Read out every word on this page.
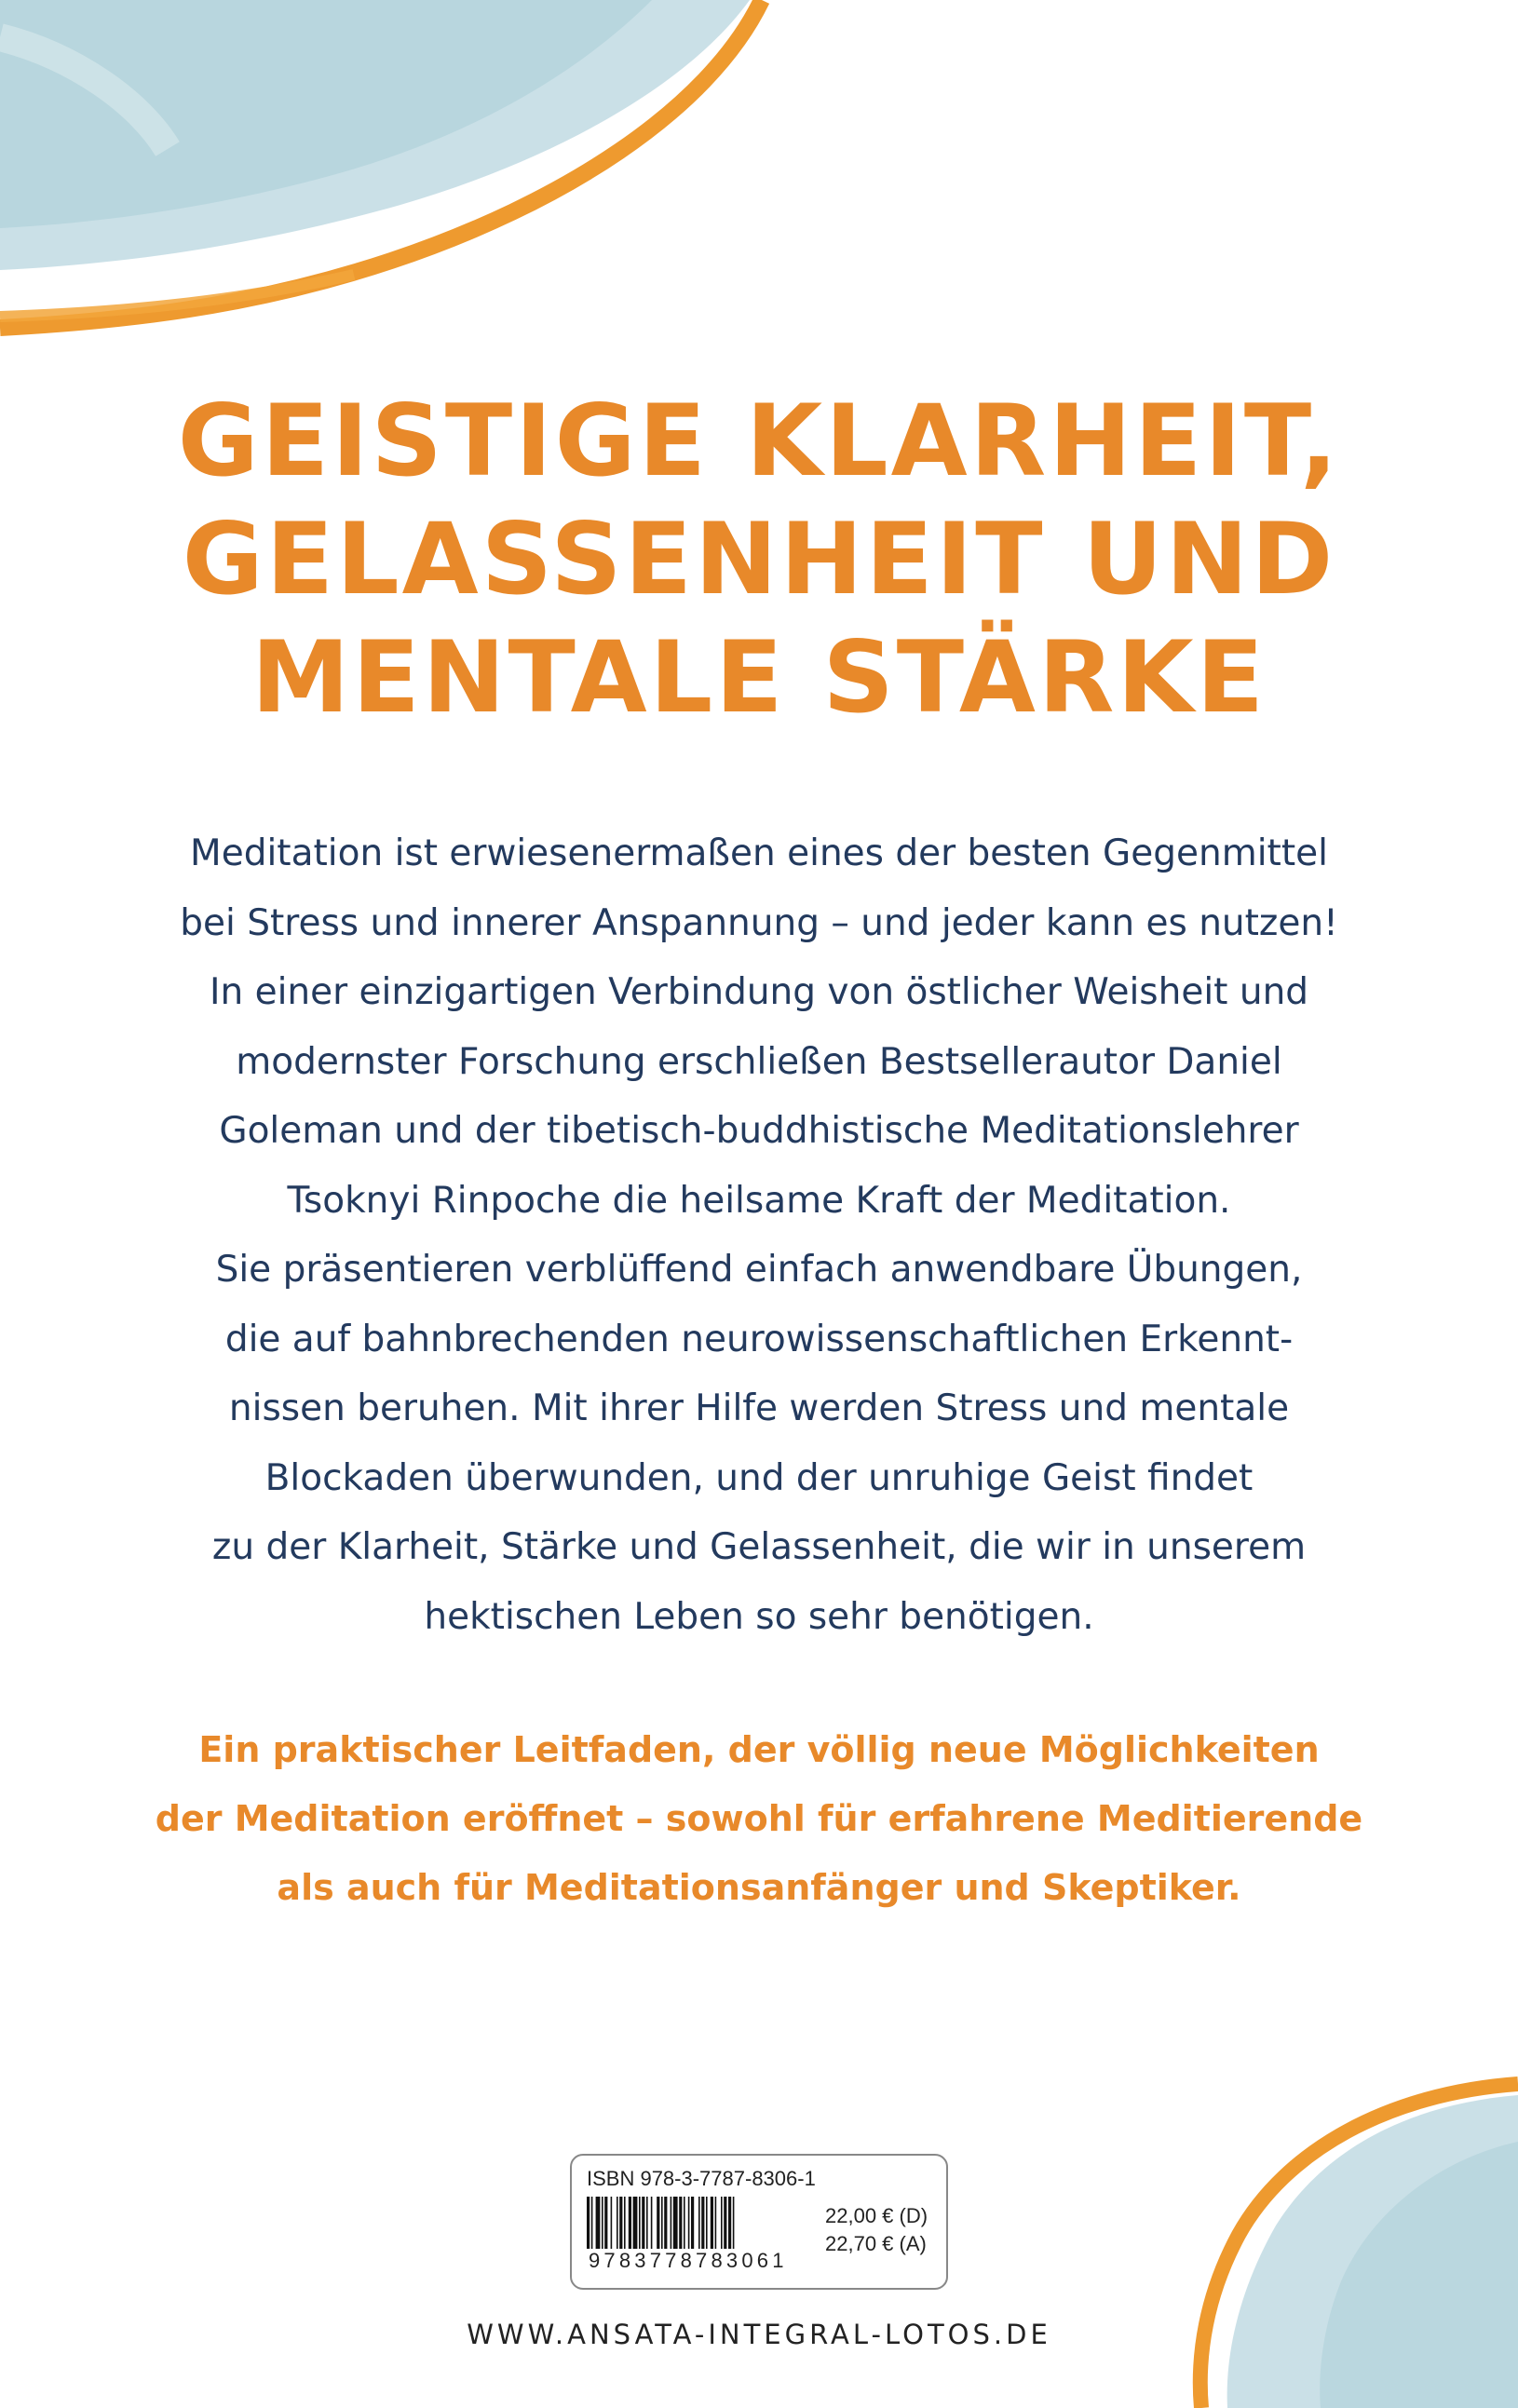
GEISTIGE KLARHEIT,
GELASSENHEIT UND
MENTALE STÄRKE
Meditation ist erwiesenermaßen eines der besten Gegenmittel
bei Stress und innerer Anspannung – und jeder kann es nutzen!
In einer einzigartigen Verbindung von östlicher Weisheit und
modernster Forschung erschließen Bestsellerautor Daniel
Goleman und der tibetisch-buddhistische Meditationslehrer
Tsoknyi Rinpoche die heilsame Kraft der Meditation.
Sie präsentieren verblüffend einfach anwendbare Übungen,
die auf bahnbrechenden neurowissenschaftlichen Erkennt-
nissen beruhen. Mit ihrer Hilfe werden Stress und mentale
Blockaden überwunden, und der unruhige Geist findet
zu der Klarheit, Stärke und Gelassenheit, die wir in unserem
hektischen Leben so sehr benötigen.
Ein praktischer Leitfaden, der völlig neue Möglichkeiten
der Meditation eröffnet – sowohl für erfahrene Meditierende
als auch für Meditationsanfänger und Skeptiker.
ISBN 978-3-7787-8306-1
9783778783061
22,00 € (D)
22,70 € (A)
WWW.ANSATA-INTEGRAL-LOTOS.DE
